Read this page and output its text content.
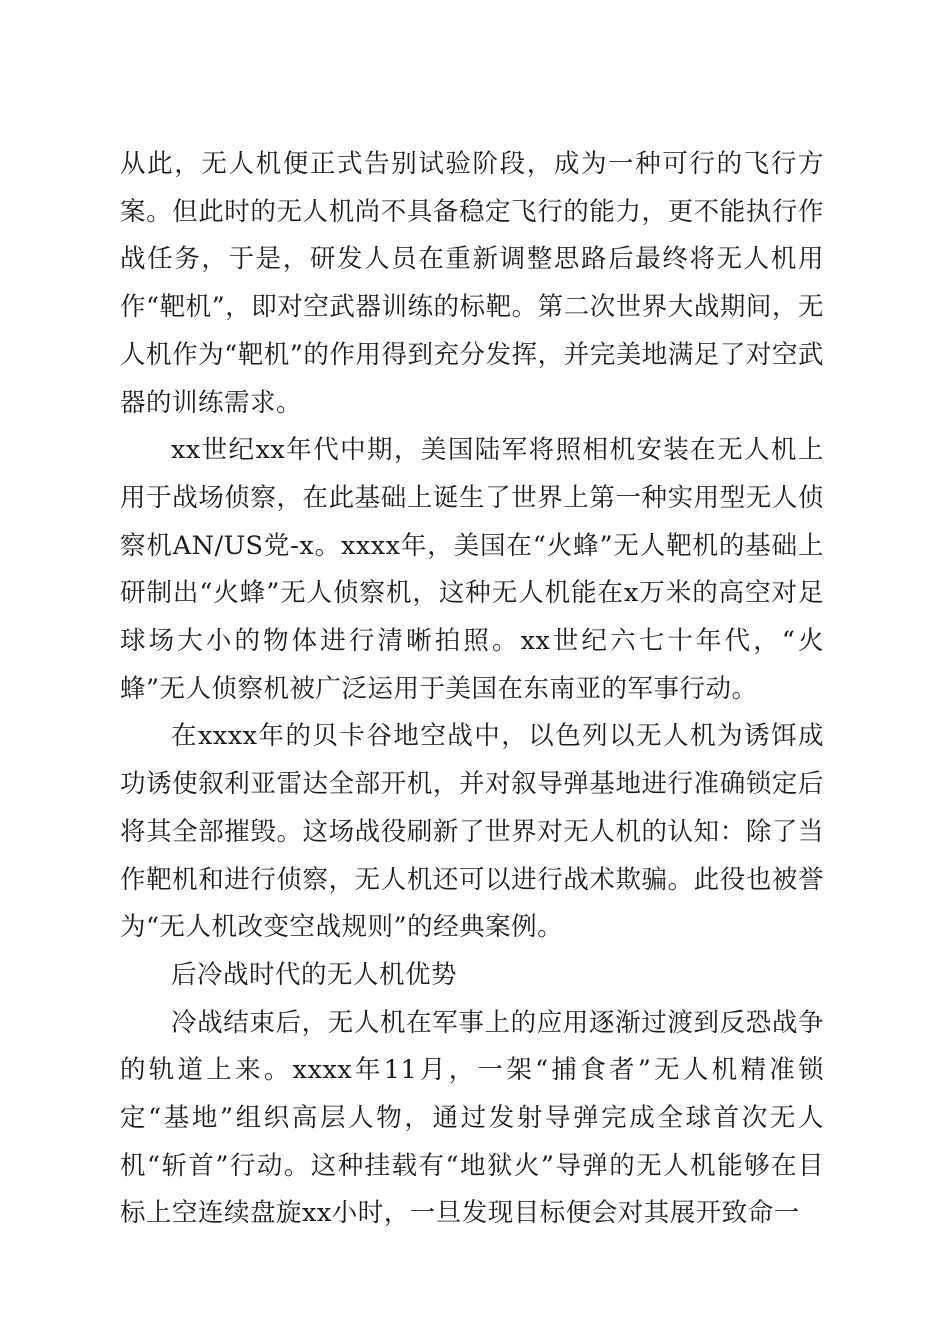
从此，无人机便正式告别试验阶段，成为一种可行的飞行方案。但此时的无人机尚不具备稳定飞行的能力，更不能执行作战任务，于是，研发人员在重新调整思路后最终将无人机用作“靶机”，即对空武器训练的标靶。第二次世界大战期间，无人机作为“靶机”的作用得到充分发挥，并完美地满足了对空武器的训练需求。

xx世纪xx年代中期，美国陆军将照相机安装在无人机上用于战场侦察，在此基础上诞生了世界上第一种实用型无人侦察机AN/US党-x。xxxx年，美国在“火蜂”无人靶机的基础上研制出“火蜂”无人侦察机，这种无人机能在x万米的高空对足球场大小的物体进行清晰拍照。xx世纪六七十年代，“火蜂”无人侦察机被广泛运用于美国在东南亚的军事行动。

在xxxx年的贝卡谷地空战中，以色列以无人机为诱饵成功诱使叙利亚雷达全部开机，并对叙导弹基地进行准确锁定后将其全部摧毁。这场战役刷新了世界对无人机的认知：除了当作靶机和进行侦察，无人机还可以进行战术欺骗。此役也被誉为“无人机改变空战规则”的经典案例。

后冷战时代的无人机优势

冷战结束后，无人机在军事上的应用逐渐过渡到反恐战争的轨道上来。xxxx年11月，一架“捕食者”无人机精准锁定“基地”组织高层人物，通过发射导弹完成全球首次无人机“斩首”行动。这种挂载有“地狱火”导弹的无人机能够在目标上空连续盘旋xx小时，一旦发现目标便会对其展开致命一
